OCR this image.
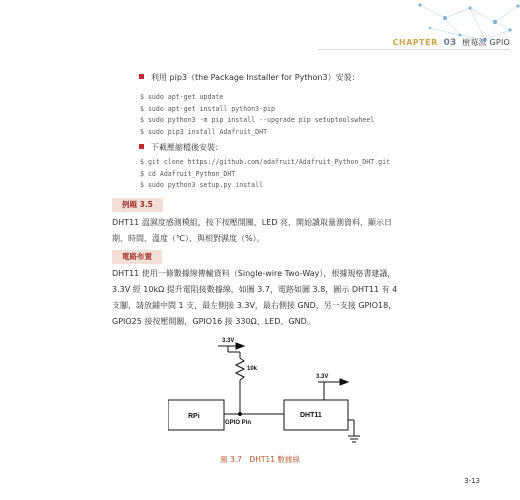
CHAPTER 03 樹莓派 GPIO
利用 pip3（the Package Installer for Python3）安裝：
$ sudo apt-get update
$ sudo apt-get install python3-pip
$ sudo python3 -m pip install --upgrade pip setuptoolswheel
$ sudo pip3 install Adafruit_DHT
下載壓縮檔後安裝：
$ git clone https://github.com/adafruit/Adafruit_Python_DHT.git
$ cd Adafruit_Python_DHT
$ sudo python3 setup.py install
例題 3.5
DHT11 溫濕度感測模組，按下按壓開關，LED 亮，開始讀取量測資料，顯示日
期、時間、溫度（℃）、與相對濕度（%）。
電路布置
DHT11 使用一條數據線傳輸資料（Single-wire Two-Way），根據規格書建議，
3.3V 經 10kΩ 提升電阻接數據線，如圖 3.7，電路如圖 3.8，圖示 DHT11 有 4
支腳，請放鋪中間 1 支，最左側接 3.3V，最右側接 GND，另一支接 GPIO18，
GPIO25 接按壓開關，GPIO16 接 330Ω、LED、GND。
3.3V
10k
3.3V
RPi
GPIO Pin
DHT11
圖 3.7　DHT11 數據線
3-13
